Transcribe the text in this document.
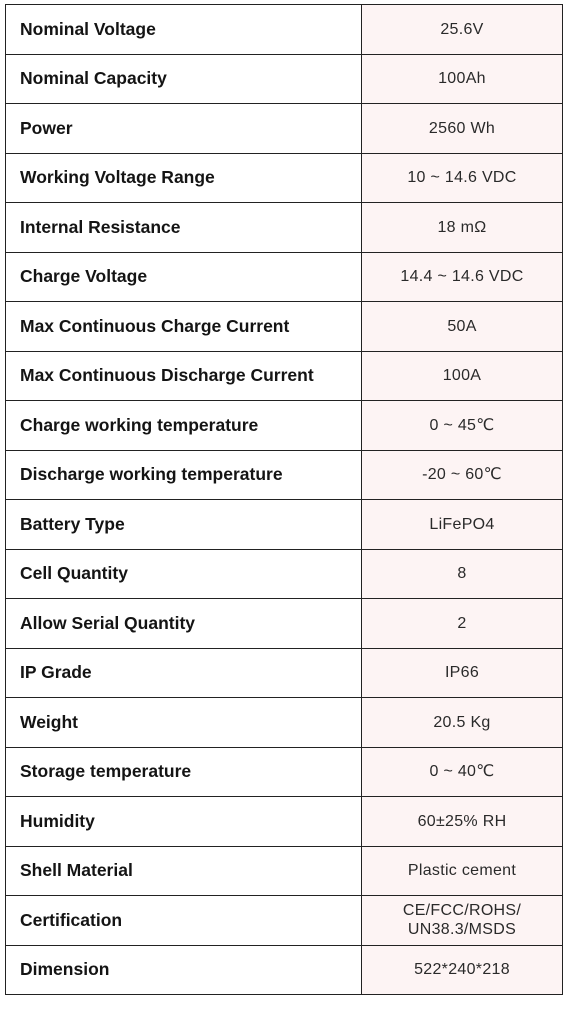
Nominal Voltage	25.6V
Nominal Capacity	100Ah
Power	2560 Wh
Working Voltage Range	10 ~ 14.6 VDC
Internal Resistance	18 mΩ
Charge Voltage	14.4 ~ 14.6 VDC
Max Continuous Charge Current	50A
Max Continuous Discharge Current	100A
Charge working temperature	0 ~ 45℃
Discharge working temperature	-20 ~ 60℃
Battery Type	LiFePO4
Cell Quantity	8
Allow Serial Quantity	2
IP Grade	IP66
Weight	20.5 Kg
Storage temperature	0 ~ 40℃
Humidity	60±25% RH
Shell Material	Plastic cement
Certification	CE/FCC/ROHS/
UN38.3/MSDS

Dimension	522*240*218
